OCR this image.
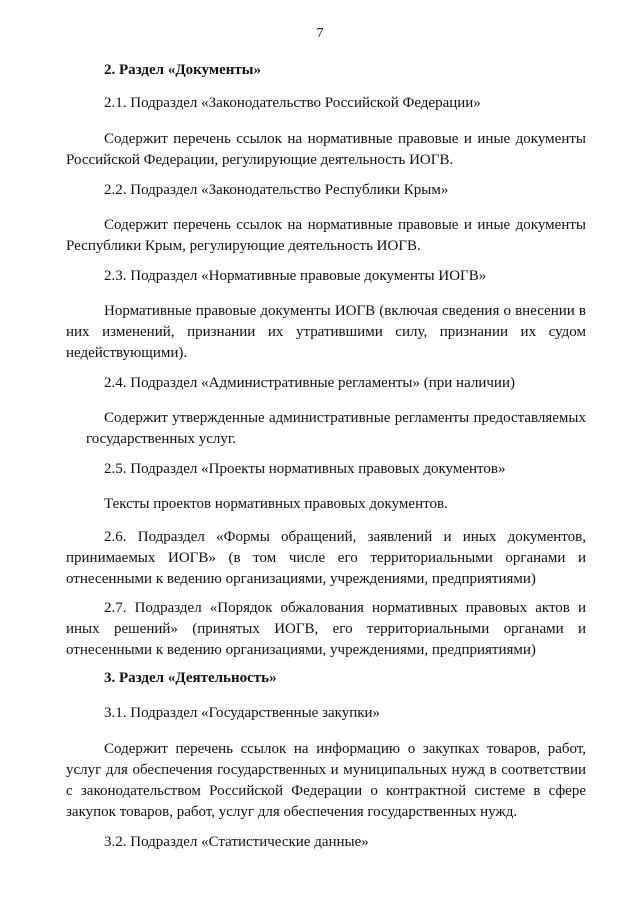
7

2. Раздел «Документы»

2.1. Подраздел «Законодательство Российской Федерации»

Содержит перечень ссылок на нормативные правовые и иные документы Российской Федерации, регулирующие деятельность ИОГВ.

2.2. Подраздел «Законодательство Республики Крым»

Содержит перечень ссылок на нормативные правовые и иные документы Республики Крым, регулирующие деятельность ИОГВ.

2.3. Подраздел «Нормативные правовые документы ИОГВ»

Нормативные правовые документы ИОГВ (включая сведения о внесении в них изменений, признании их утратившими силу, признании их судом недействующими).

2.4. Подраздел «Административные регламенты» (при наличии)

Содержит утвержденные административные регламенты предоставляемых государственных услуг.

2.5. Подраздел «Проекты нормативных правовых документов»

Тексты проектов нормативных правовых документов.

2.6. Подраздел «Формы обращений, заявлений и иных документов, принимаемых ИОГВ» (в том числе его территориальными органами и отнесенными к ведению организациями, учреждениями, предприятиями)

2.7. Подраздел «Порядок обжалования нормативных правовых актов и иных решений» (принятых ИОГВ, его территориальными органами и отнесенными к ведению организациями, учреждениями, предприятиями)

3. Раздел «Деятельность»

3.1. Подраздел «Государственные закупки»

Содержит перечень ссылок на информацию о закупках товаров, работ, услуг для обеспечения государственных и муниципальных нужд в соответствии с законодательством Российской Федерации о контрактной системе в сфере закупок товаров, работ, услуг для обеспечения государственных нужд.

3.2. Подраздел «Статистические данные»
